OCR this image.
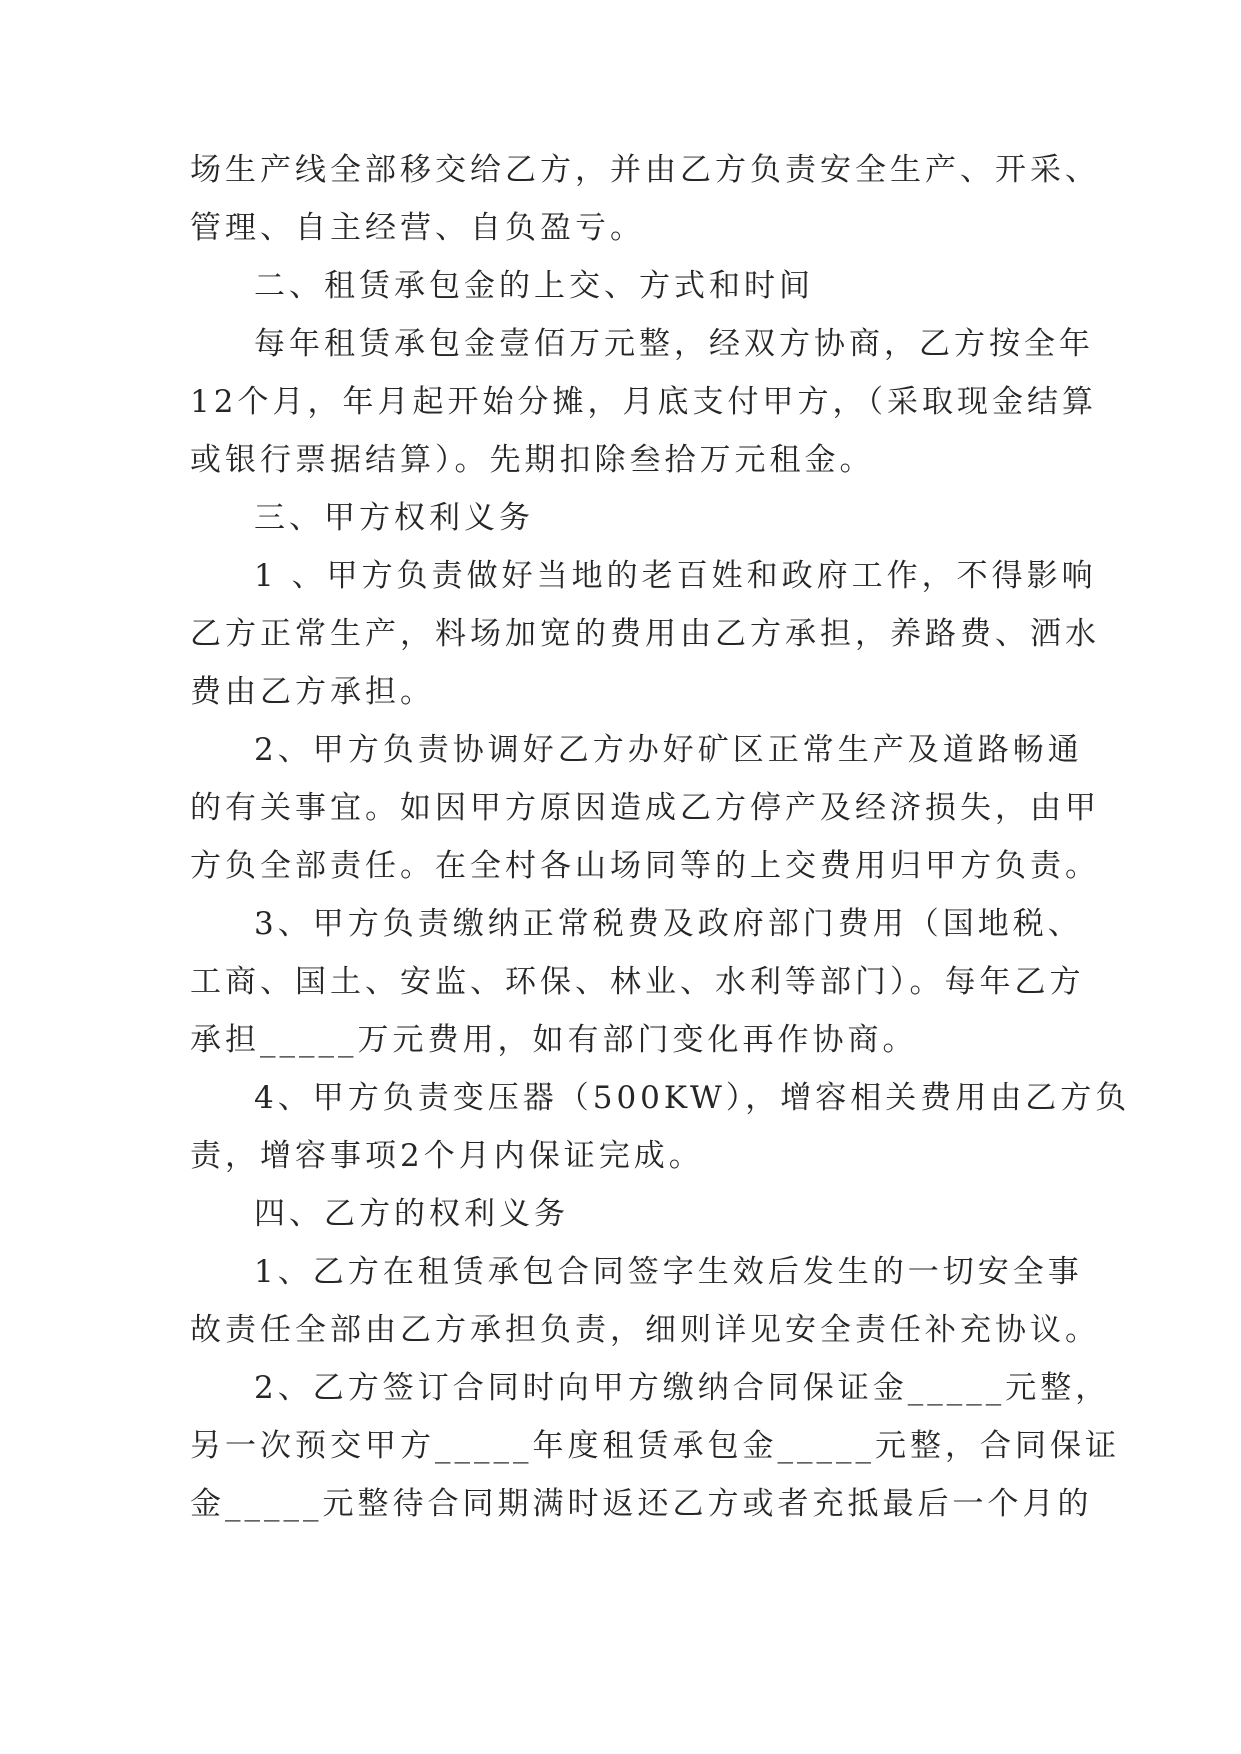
场生产线全部移交给乙方，并由乙方负责安全生产、开采、
管理、自主经营、自负盈亏。
二、租赁承包金的上交、方式和时间
每年租赁承包金壹佰万元整，经双方协商，乙方按全年
12个月，年月起开始分摊，月底支付甲方，（采取现金结算
或银行票据结算）。先期扣除叁拾万元租金。
三、甲方权利义务
1 、甲方负责做好当地的老百姓和政府工作，不得影响
乙方正常生产，料场加宽的费用由乙方承担，养路费、洒水
费由乙方承担。
2、甲方负责协调好乙方办好矿区正常生产及道路畅通
的有关事宜。如因甲方原因造成乙方停产及经济损失，由甲
方负全部责任。在全村各山场同等的上交费用归甲方负责。
3、甲方负责缴纳正常税费及政府部门费用（国地税、
工商、国土、安监、环保、林业、水利等部门）。每年乙方
承担_____万元费用，如有部门变化再作协商。
4、甲方负责变压器（500KW），增容相关费用由乙方负
责，增容事项2个月内保证完成。
四、乙方的权利义务
1、乙方在租赁承包合同签字生效后发生的一切安全事
故责任全部由乙方承担负责，细则详见安全责任补充协议。
2、乙方签订合同时向甲方缴纳合同保证金_____元整，
另一次预交甲方_____年度租赁承包金_____元整，合同保证
金_____元整待合同期满时返还乙方或者充抵最后一个月的
